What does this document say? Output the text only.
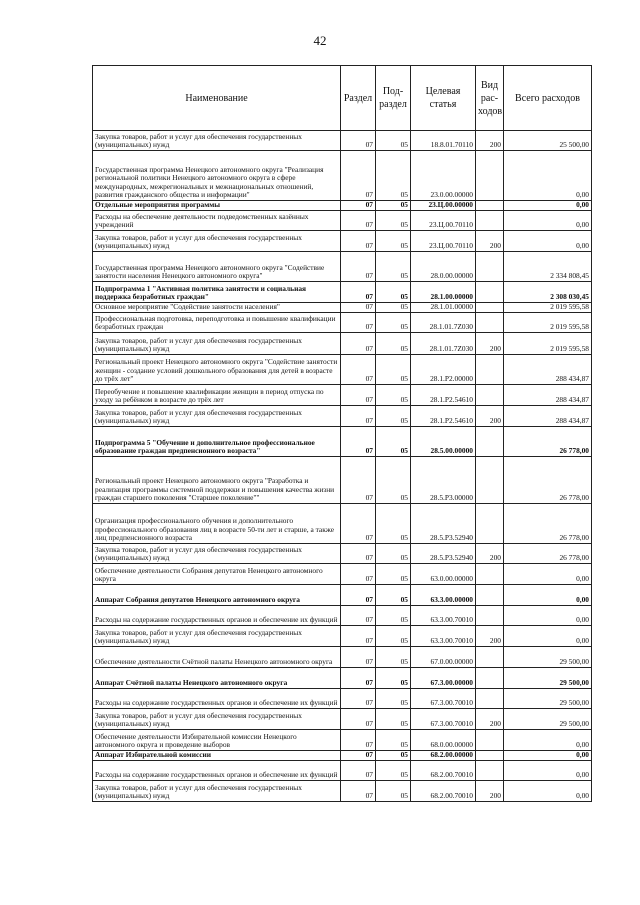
42
Наименование	Раздел	Под-раздел	Целевая статья	Вид рас-ходов	Всего расходов
Закупка товаров, работ и услуг для обеспечения государственных (муниципальных) нужд	07	05	18.8.01.70110	200	25 500,00
Государственная программа Ненецкого автономного округа "Реализация региональной политики Ненецкого автономного округа в сфере международных, межрегиональных и межнациональных отношений, развития гражданского общества и информации"	07	05	23.0.00.00000		0,00
Отдельные мероприятия программы	07	05	23.Ц.00.00000		0,00
Расходы на обеспечение деятельности подведомственных казённых учреждений	07	05	23.Ц.00.70110		0,00
Закупка товаров, работ и услуг для обеспечения государственных (муниципальных) нужд	07	05	23.Ц.00.70110	200	0,00
Государственная программа Ненецкого автономного округа "Содействие занятости населения Ненецкого автономного округа"	07	05	28.0.00.00000		2 334 808,45
Подпрограмма 1 "Активная политика занятости и социальная поддержка безработных граждан"	07	05	28.1.00.00000		2 308 030,45
Основное мероприятие "Содействие занятости населения"	07	05	28.1.01.00000		2 019 595,58
Профессиональная подготовка, переподготовка и повышение квалификации безработных граждан	07	05	28.1.01.7Z030		2 019 595,58
Закупка товаров, работ и услуг для обеспечения государственных (муниципальных) нужд	07	05	28.1.01.7Z030	200	2 019 595,58
Региональный проект Ненецкого автономного округа "Содействие занятости женщин - создание условий дошкольного образования для детей в возрасте до трёх лет"	07	05	28.1.P2.00000		288 434,87
Переобучение и повышение квалификации женщин в период отпуска по уходу за ребёнком в возрасте до трёх лет	07	05	28.1.P2.54610		288 434,87
Закупка товаров, работ и услуг для обеспечения государственных (муниципальных) нужд	07	05	28.1.P2.54610	200	288 434,87
Подпрограмма 5 "Обучение и дополнительное профессиональное образование граждан предпенсионного возраста"	07	05	28.5.00.00000		26 778,00
Региональный проект Ненецкого автономного округа "Разработка и реализация программы системной поддержки и повышения качества жизни граждан старшего поколения "Старшее поколение""	07	05	28.5.P3.00000		26 778,00
Организация профессионального обучения и дополнительного профессионального образования лиц в возрасте 50-ти лет и старше, а также лиц предпенсионного возраста	07	05	28.5.P3.52940		26 778,00
Закупка товаров, работ и услуг для обеспечения государственных (муниципальных) нужд	07	05	28.5.P3.52940	200	26 778,00
Обеспечение деятельности Собрания депутатов Ненецкого автономного округа	07	05	63.0.00.00000		0,00
Аппарат Собрания депутатов Ненецкого автономного округа	07	05	63.3.00.00000		0,00
Расходы на содержание государственных органов и обеспечение их функций	07	05	63.3.00.70010		0,00
Закупка товаров, работ и услуг для обеспечения государственных (муниципальных) нужд	07	05	63.3.00.70010	200	0,00
Обеспечение деятельности Счётной палаты Ненецкого автономного округа	07	05	67.0.00.00000		29 500,00
Аппарат Счётной палаты Ненецкого автономного округа	07	05	67.3.00.00000		29 500,00
Расходы на содержание государственных органов и обеспечение их функций	07	05	67.3.00.70010		29 500,00
Закупка товаров, работ и услуг для обеспечения государственных (муниципальных) нужд	07	05	67.3.00.70010	200	29 500,00
Обеспечение деятельности Избирательной комиссии Ненецкого автономного округа и проведение выборов	07	05	68.0.00.00000		0,00
Аппарат Избирательной комиссии	07	05	68.2.00.00000		0,00
Расходы на содержание государственных органов и обеспечение их функций	07	05	68.2.00.70010		0,00
Закупка товаров, работ и услуг для обеспечения государственных (муниципальных) нужд	07	05	68.2.00.70010	200	0,00
